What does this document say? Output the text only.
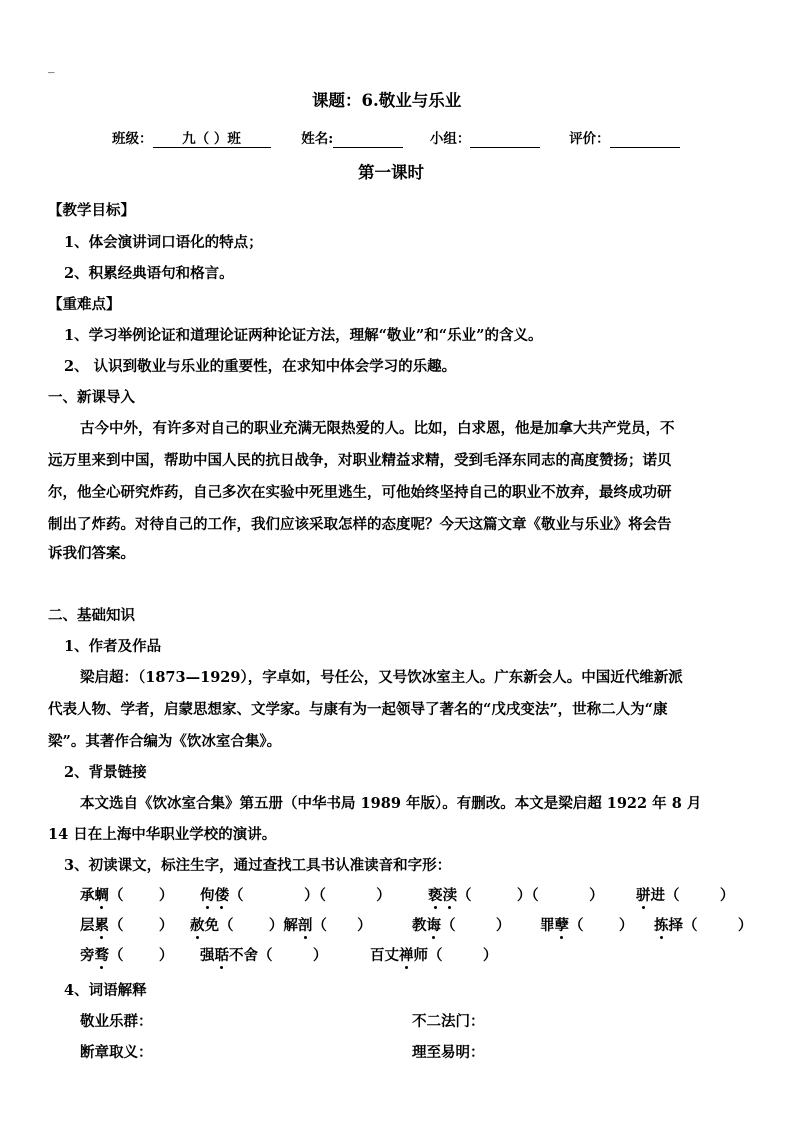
_
课题：6.敬业与乐业
班级： 九（ ）班	姓名:	小组：	评价：
第一课时
【教学目标】
1、体会演讲词口语化的特点；
2、积累经典语句和格言。
【重难点】
1、学习举例论证和道理论证两种论证方法，理解“敬业”和“乐业”的含义。
2、 认识到敬业与乐业的重要性，在求知中体会学习的乐趣。
一、新课导入
古今中外，有许多对自己的职业充满无限热爱的人。比如，白求恩，他是加拿大共产党员，不
远万里来到中国，帮助中国人民的抗日战争，对职业精益求精，受到毛泽东同志的高度赞扬；诺贝
尔，他全心研究炸药，自己多次在实验中死里逃生，可他始终坚持自己的职业不放弃，最终成功研
制出了炸药。对待自己的工作，我们应该采取怎样的态度呢？今天这篇文章《敬业与乐业》将会告
诉我们答案。
二、基础知识
1、作者及作品
梁启超：（1873—1929），字卓如，号任公，又号饮冰室主人。广东新会人。中国近代维新派
代表人物、学者，启蒙思想家、文学家。与康有为一起领导了著名的“戊戌变法”，世称二人为“康
梁”。其著作合编为《饮冰室合集》。
2、背景链接
本文选自《饮冰室合集》第五册（中华书局 1989 年版）。有删改。本文是梁启超 1922 年 8 月
14 日在上海中华职业学校的演讲。
3、初读课文，标注生字，通过查找工具书认准读音和字形：
承蜩（       ） 佝偻（            ）（          ）	亵渎（         ）（          ） 骈进（        ）
层累（       ） 赦免（       ）解剖（      ）	教诲（        ） 罪孽（       ） 拣择（        ）
旁骛（       ） 强聒不舍（        ）	百丈禅师（        ）
4、词语解释
敬业乐群：	不二法门：
断章取义：	理至易明：
